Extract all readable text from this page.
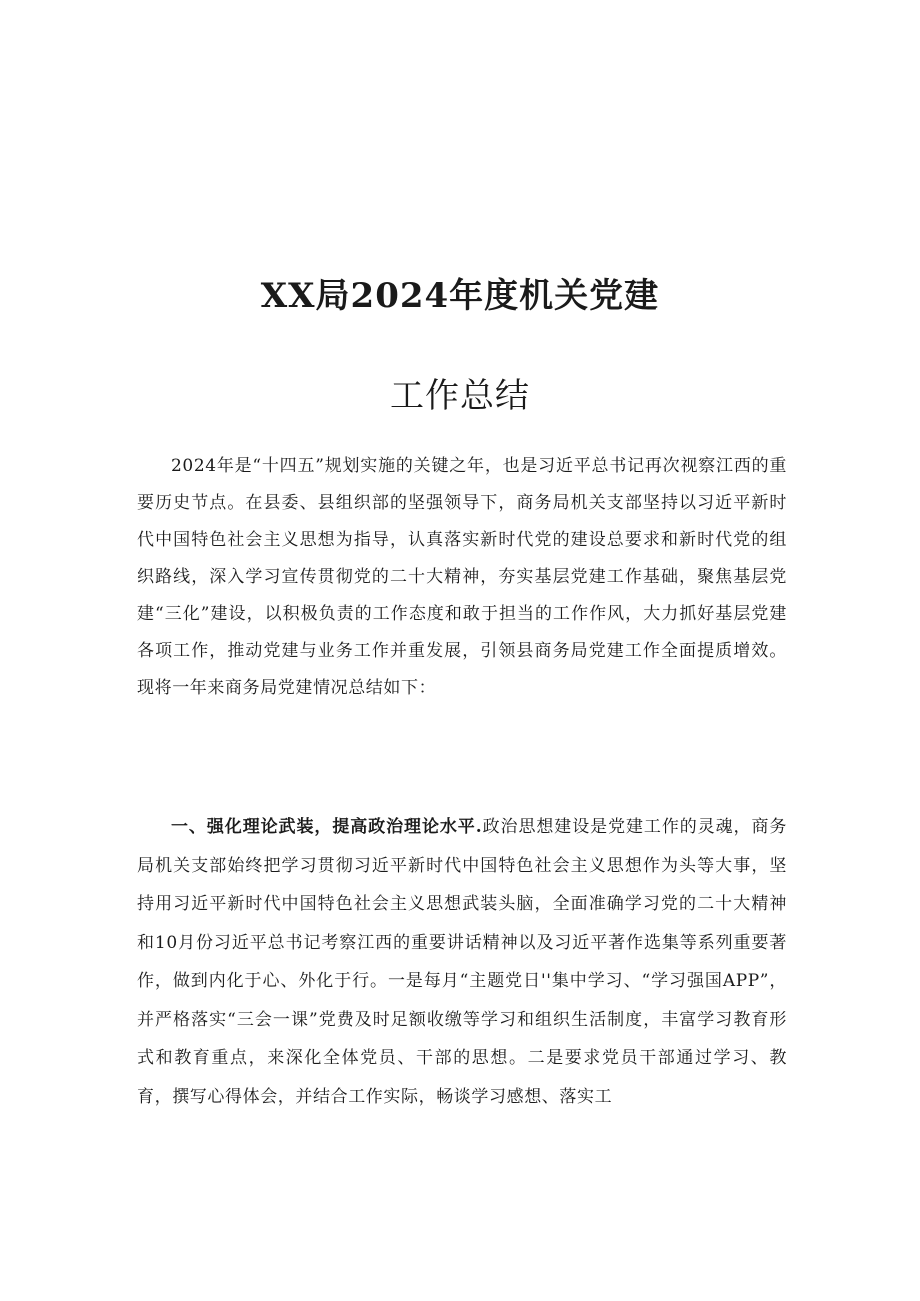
XX局2024年度机关党建
工作总结

2024年是“十四五”规划实施的关键之年，也是习近平总书记再次视察江西的重要历史节点。在县委、县组织部的坚强领导下，商务局机关支部坚持以习近平新时代中国特色社会主义思想为指导，认真落实新时代党的建设总要求和新时代党的组织路线，深入学习宣传贯彻党的二十大精神，夯实基层党建工作基础，聚焦基层党建“三化”建设，以积极负责的工作态度和敢于担当的工作作风，大力抓好基层党建各项工作，推动党建与业务工作并重发展，引领县商务局党建工作全面提质增效。现将一年来商务局党建情况总结如下：

一、强化理论武装，提高政治理论水平.政治思想建设是党建工作的灵魂，商务局机关支部始终把学习贯彻习近平新时代中国特色社会主义思想作为头等大事，坚持用习近平新时代中国特色社会主义思想武装头脑，全面准确学习党的二十大精神和10月份习近平总书记考察江西的重要讲话精神以及习近平著作选集等系列重要著作，做到内化于心、外化于行。一是每月“主题党日''集中学习、“学习强国APP”，并严格落实“三会一课”党费及时足额收缴等学习和组织生活制度，丰富学习教育形式和教育重点，来深化全体党员、干部的思想。二是要求党员干部通过学习、教育，撰写心得体会，并结合工作实际，畅谈学习感想、落实工
